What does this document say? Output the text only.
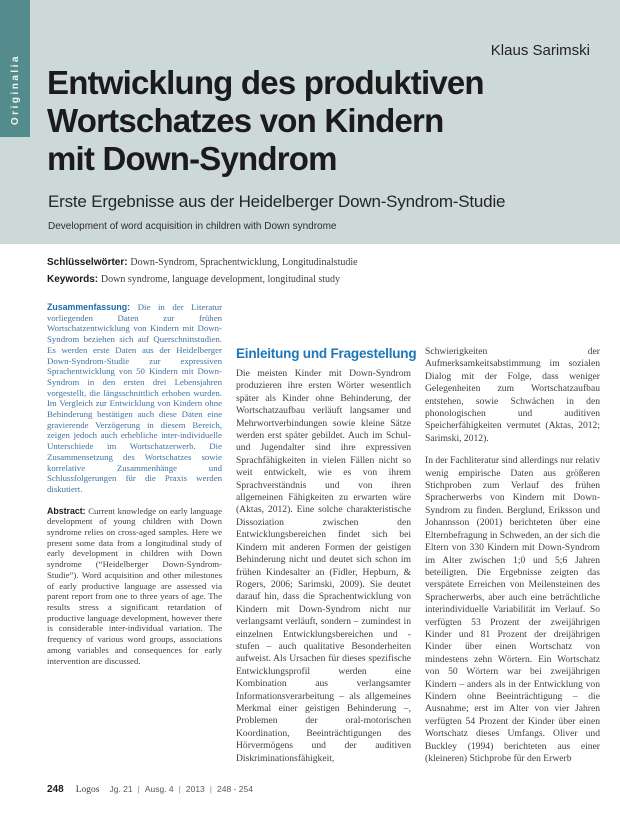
Originalia
Klaus Sarimski
Entwicklung des produktiven
Wortschatzes von Kindern
mit Down-Syndrom
Erste Ergebnisse aus der Heidelberger Down-Syndrom-Studie
Development of word acquisition in children with Down syndrome
Schlüsselwörter: Down-Syndrom, Sprachentwicklung, Longitudinalstudie
Keywords: Down syndrome, language development, longitudinal study

Zusammenfassung: Die in der Literatur vorliegenden Daten zur frühen Wortschatzentwicklung von Kindern mit Down-Syndrom beziehen sich auf Querschnittstudien. Es werden erste Daten aus der Heidelberger Down-Syndrom-Studie zur expressiven Sprachentwicklung von 50 Kindern mit Down-Syndrom in den ersten drei Lebensjahren vorgestellt, die längsschnittlich erhoben wurden. Im Vergleich zur Entwicklung von Kindern ohne Behinderung bestätigen auch diese Daten eine gravierende Verzögerung in diesem Bereich, zeigen jedoch auch erhebliche inter-individuelle Unterschiede im Wortschatzerwerb. Die Zusammensetzung des Wortschatzes sowie korrelative Zusammenhänge und Schlussfolgerungen für die Praxis werden diskutiert.

Abstract: Current knowledge on early language development of young children with Down syndrome relies on cross-aged samples. Here we present some data from a longitudinal study of early development in children with Down syndrome (“Heidelberger Down-Syndrom-Studie”). Word acquisition and other milestones of early productive language are assessed via parent report from one to three years of age. The results stress a significant retardation of productive language development, however there is considerable inter-individual variation. The frequency of various word groups, associations among variables and consequences for early intervention are discussed.

Einleitung und Fragestellung

Die meisten Kinder mit Down-Syndrom produzieren ihre ersten Wörter wesentlich später als Kinder ohne Behinderung, der Wortschatzaufbau verläuft langsamer und Mehrwortverbindungen sowie kleine Sätze werden erst später gebildet. Auch im Schul- und Jugendalter sind ihre expressiven Sprachfähigkeiten in vielen Fällen nicht so weit entwickelt, wie es von ihrem Sprachverständnis und von ihren allgemeinen Fähigkeiten zu erwarten wäre (Aktas, 2012). Eine solche charakteristische Dissoziation zwischen den Entwicklungsbereichen findet sich bei Kindern mit anderen Formen der geistigen Behinderung nicht und deutet sich schon im frühen Kindesalter an (Fidler, Hepburn, & Rogers, 2006; Sarimski, 2009). Sie deutet darauf hin, dass die Sprachentwicklung von Kindern mit Down-Syndrom nicht nur verlangsamt verläuft, sondern – zumindest in einzelnen Entwicklungsbereichen und -stufen – auch qualitative Besonderheiten aufweist. Als Ursachen für dieses spezifische Entwicklungsprofil werden eine Kombination aus verlangsamter Informationsverarbeitung – als allgemeines Merkmal einer geistigen Behinderung –, Problemen der oral-motorischen Koordination, Beeinträchtigungen des Hörvermögens und der auditiven Diskriminationsfähigkeit,

Schwierigkeiten der Aufmerksamkeitsabstimmung im sozialen Dialog mit der Folge, dass weniger Gelegenheiten zum Wortschatzaufbau entstehen, sowie Schwächen in den phonologischen und auditiven Speicherfähigkeiten vermutet (Aktas, 2012; Sarimski, 2012).

In der Fachliteratur sind allerdings nur relativ wenig empirische Daten aus größeren Stichproben zum Verlauf des frühen Spracherwerbs von Kindern mit Down-Syndrom zu finden. Berglund, Eriksson und Johannsson (2001) berichteten über eine Elternbefragung in Schweden, an der sich die Eltern von 330 Kindern mit Down-Syndrom im Alter zwischen 1;0 und 5;6 Jahren beteiligten. Die Ergebnisse zeigten das verspätete Erreichen von Meilensteinen des Spracherwerbs, aber auch eine beträchtliche interindividuelle Variabilität im Verlauf. So verfügten 53 Prozent der zweijährigen Kinder und 81 Prozent der dreijährigen Kinder über einen Wortschatz von mindestens zehn Wörtern. Ein Wortschatz von 50 Wörtern war bei zweijährigen Kindern – anders als in der Entwicklung von Kindern ohne Beeinträchtigung – die Ausnahme; erst im Alter von vier Jahren verfügten 54 Prozent der Kinder über einen Wortschatz dieses Umfangs. Oliver und Buckley (1994) berichteten aus einer (kleineren) Stichprobe für den Erwerb

248 Logos Jg. 21 | Ausg. 4 | 2013 | 248 - 254
